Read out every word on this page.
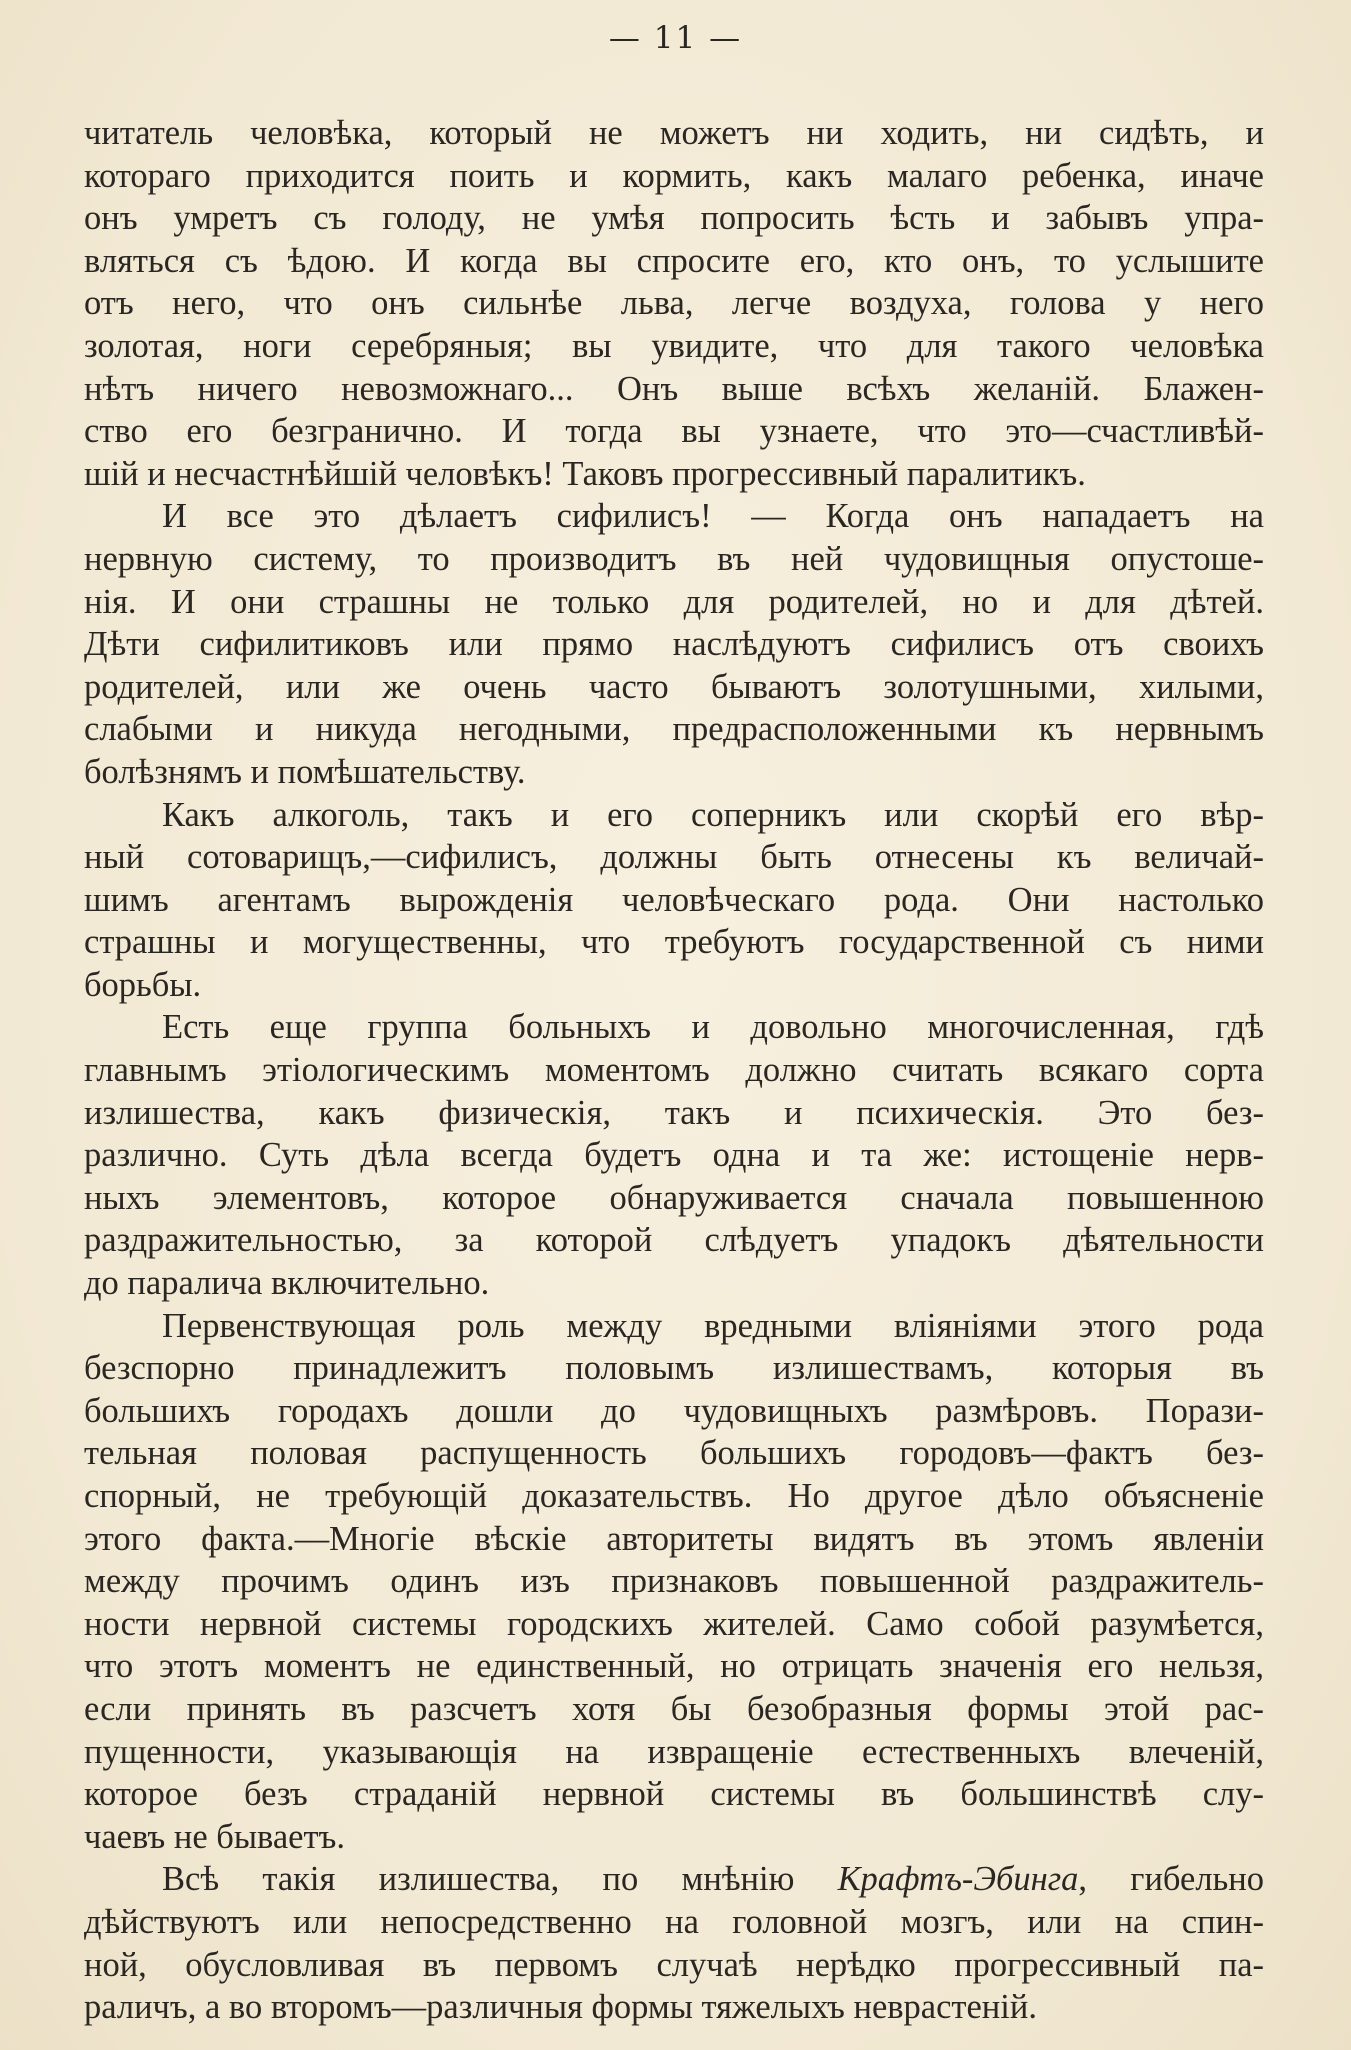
— 11 —
читатель человѣка, который не можетъ ни ходить, ни сидѣть, и
котораго приходится поить и кормить, какъ малаго ребенка, иначе
онъ умретъ съ голоду, не умѣя попросить ѣсть и забывъ упра-
вляться съ ѣдою. И когда вы спросите его, кто онъ, то услышите
отъ него, что онъ сильнѣе льва, легче воздуха, голова у него
золотая, ноги серебряныя; вы увидите, что для такого человѣка
нѣтъ ничего невозможнаго... Онъ выше всѣхъ желаній. Блажен-
ство его безгранично. И тогда вы узнаете, что это—счастливѣй-
шій и несчастнѣйшій человѣкъ! Таковъ прогрессивный паралитикъ.
И все это дѣлаетъ сифилисъ! — Когда онъ нападаетъ на
нервную систему, то производитъ въ ней чудовищныя опустоше-
нія. И они страшны не только для родителей, но и для дѣтей.
Дѣти сифилитиковъ или прямо наслѣдуютъ сифилисъ отъ своихъ
родителей, или же очень часто бываютъ золотушными, хилыми,
слабыми и никуда негодными, предрасположенными къ нервнымъ
болѣзнямъ и помѣшательству.
Какъ алкоголь, такъ и его соперникъ или скорѣй его вѣр-
ный сотоварищъ,—сифилисъ, должны быть отнесены къ величай-
шимъ агентамъ вырожденія человѣческаго рода. Они настолько
страшны и могущественны, что требуютъ государственной съ ними
борьбы.
Есть еще группа больныхъ и довольно многочисленная, гдѣ
главнымъ этіологическимъ моментомъ должно считать всякаго сорта
излишества, какъ физическія, такъ и психическія. Это без-
различно. Суть дѣла всегда будетъ одна и та же: истощеніе нерв-
ныхъ элементовъ, которое обнаруживается сначала повышенною
раздражительностью, за которой слѣдуетъ упадокъ дѣятельности
до паралича включительно.
Первенствующая роль между вредными вліяніями этого рода
безспорно принадлежитъ половымъ излишествамъ, которыя въ
большихъ городахъ дошли до чудовищныхъ размѣровъ. Порази-
тельная половая распущенность большихъ городовъ—фактъ без-
спорный, не требующій доказательствъ. Но другое дѣло объясненіе
этого факта.—Многіе вѣскіе авторитеты видятъ въ этомъ явленіи
между прочимъ одинъ изъ признаковъ повышенной раздражитель-
ности нервной системы городскихъ жителей. Само собой разумѣется,
что этотъ моментъ не единственный, но отрицать значенія его нельзя,
если принять въ разсчетъ хотя бы безобразныя формы этой рас-
пущенности, указывающія на извращеніе естественныхъ влеченій,
которое безъ страданій нервной системы въ большинствѣ слу-
чаевъ не бываетъ.
Всѣ такія излишества, по мнѣнію Крафтъ-Эбинга, гибельно
дѣйствуютъ или непосредственно на головной мозгъ, или на спин-
ной, обусловливая въ первомъ случаѣ нерѣдко прогрессивный па-
раличъ, а во второмъ—различныя формы тяжелыхъ неврастеній.
